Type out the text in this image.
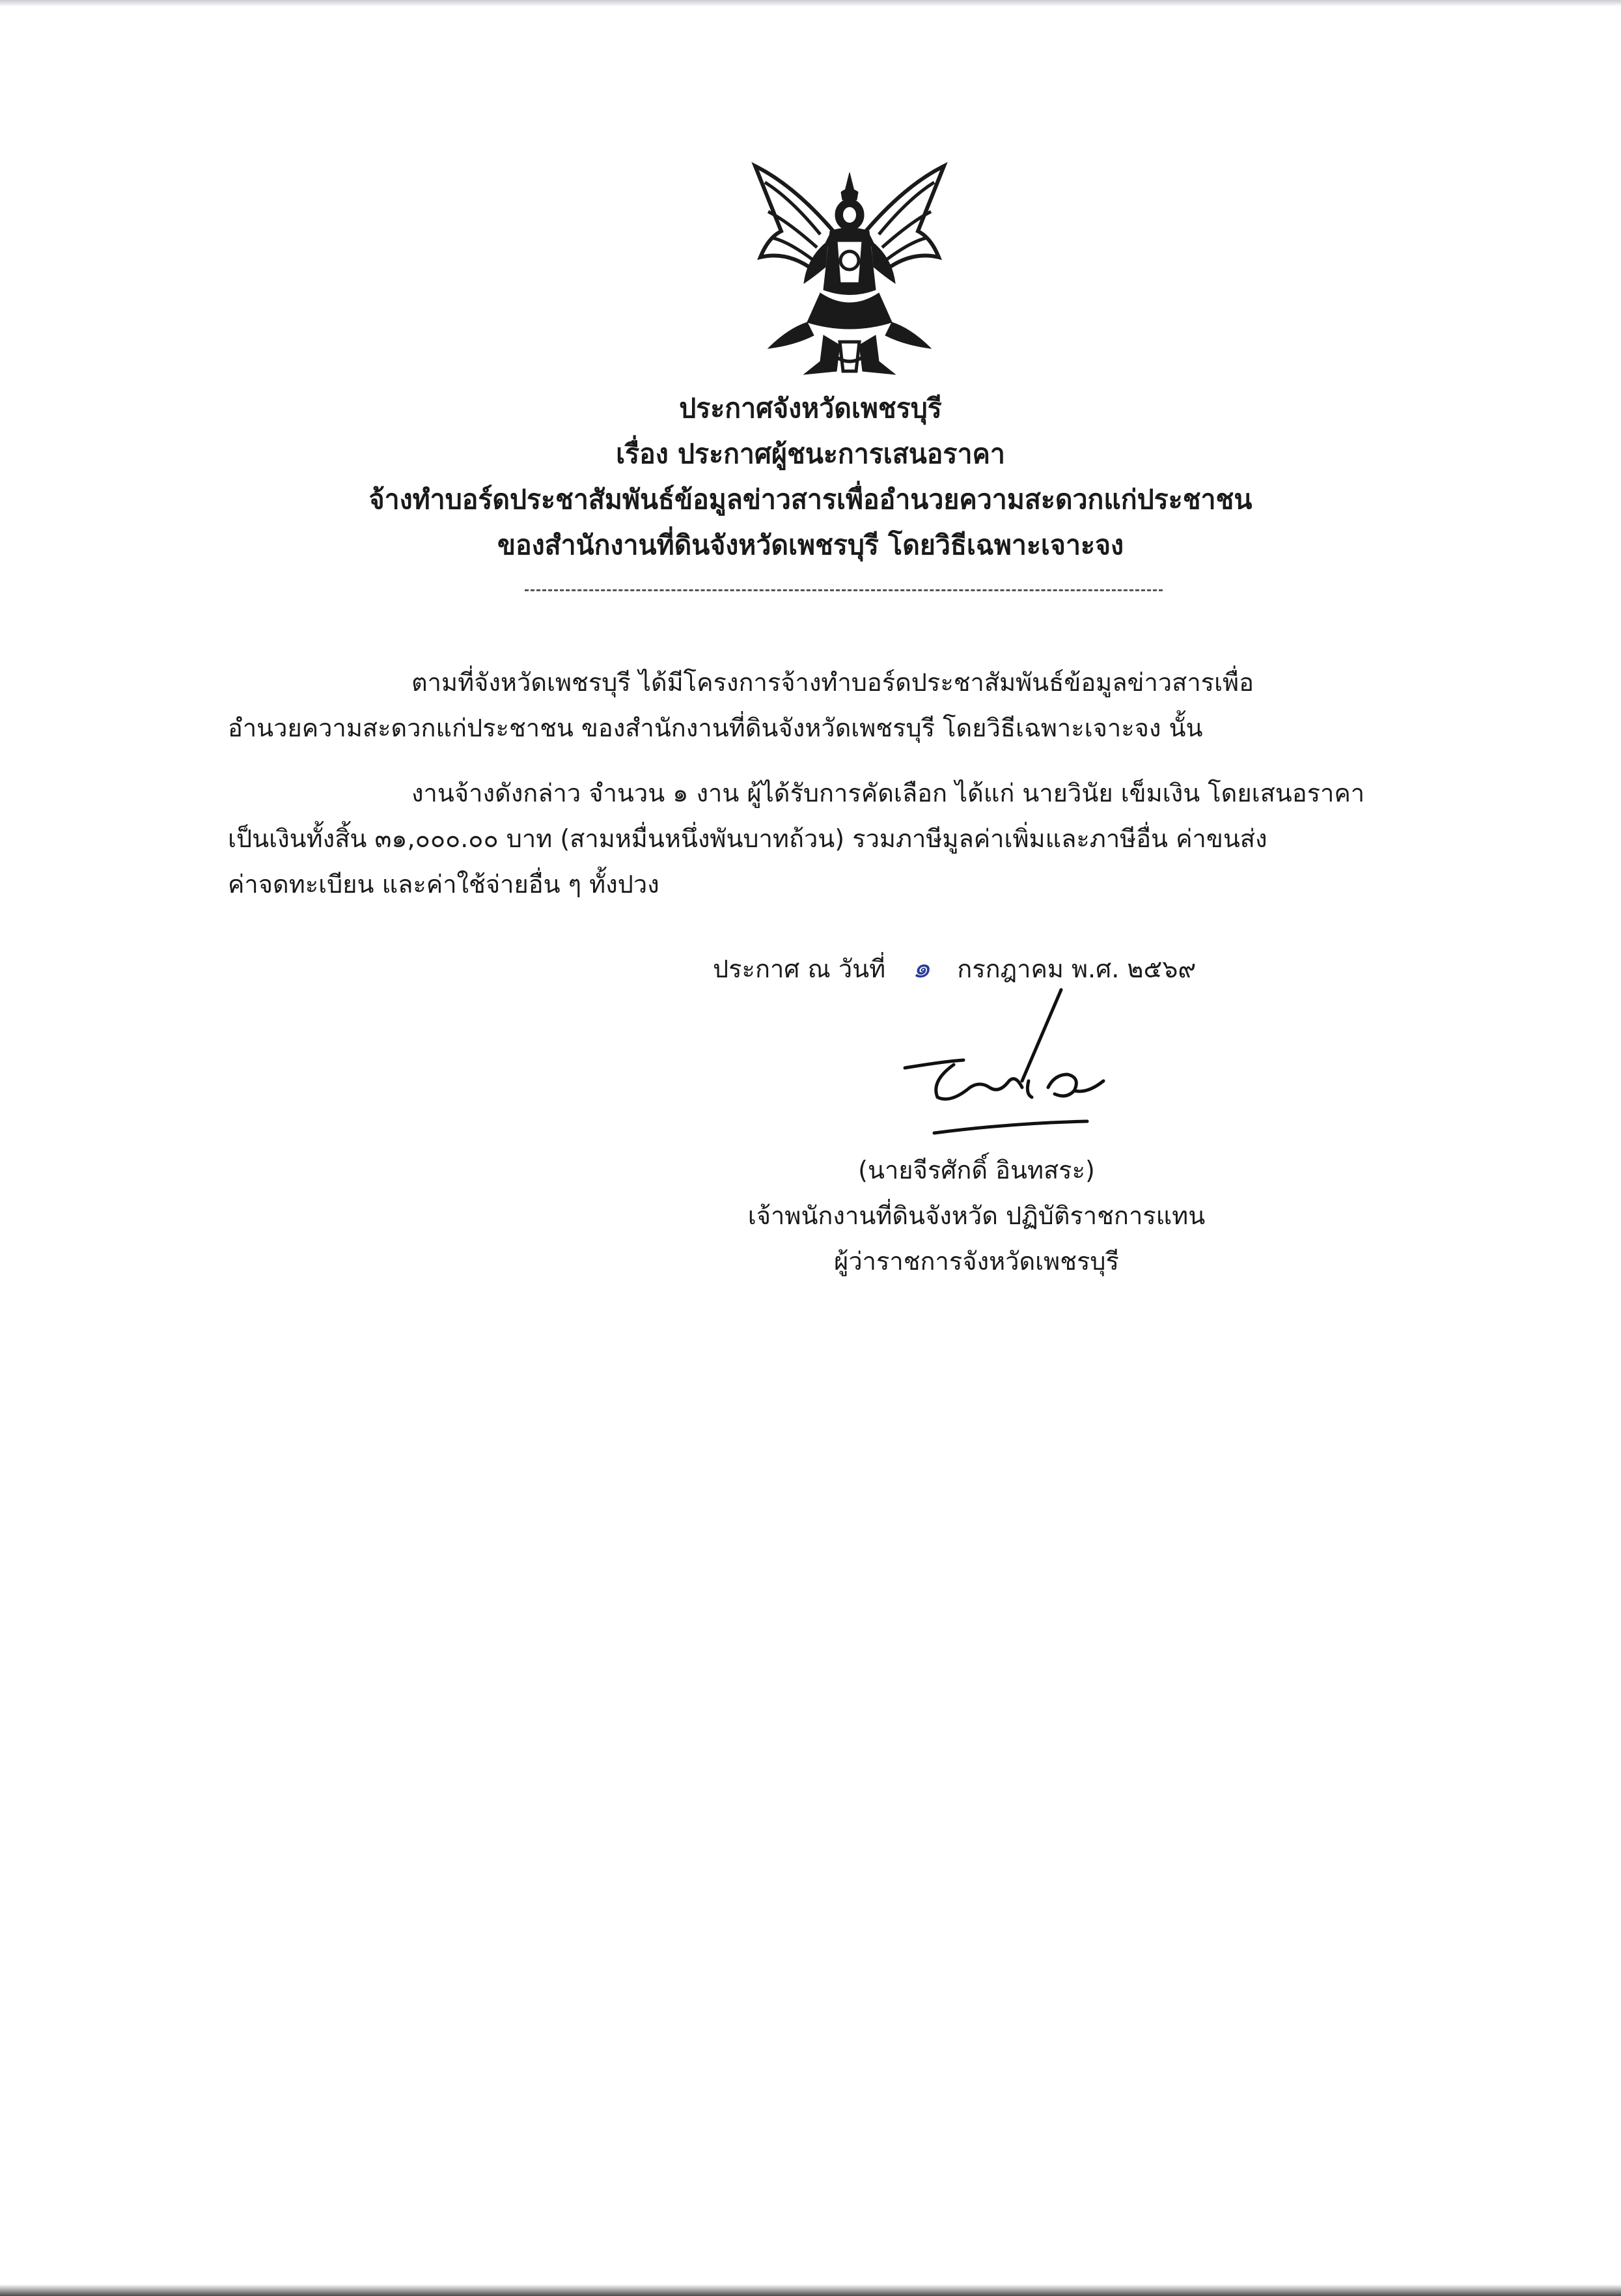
ประกาศจังหวัดเพชรบุรี
เรื่อง ประกาศผู้ชนะการเสนอราคา
จ้างทำบอร์ดประชาสัมพันธ์ข้อมูลข่าวสารเพื่ออำนวยความสะดวกแก่ประชาชน
ของสำนักงานที่ดินจังหวัดเพชรบุรี โดยวิธีเฉพาะเจาะจง
ตามที่จังหวัดเพชรบุรี ได้มีโครงการจ้างทำบอร์ดประชาสัมพันธ์ข้อมูลข่าวสารเพื่อ
อำนวยความสะดวกแก่ประชาชน ของสำนักงานที่ดินจังหวัดเพชรบุรี โดยวิธีเฉพาะเจาะจง นั้น
งานจ้างดังกล่าว จำนวน ๑ งาน ผู้ได้รับการคัดเลือก ได้แก่ นายวินัย เข็มเงิน โดยเสนอราคา
เป็นเงินทั้งสิ้น ๓๑,๐๐๐.๐๐ บาท (สามหมื่นหนึ่งพันบาทถ้วน) รวมภาษีมูลค่าเพิ่มและภาษีอื่น ค่าขนส่ง
ค่าจดทะเบียน และค่าใช้จ่ายอื่น ๆ ทั้งปวง
ประกาศ ณ วันที่ ๑ กรกฎาคม พ.ศ. ๒๕๖๙
(นายจีรศักดิ์ อินทสระ)
เจ้าพนักงานที่ดินจังหวัด ปฏิบัติราชการแทน
ผู้ว่าราชการจังหวัดเพชรบุรี
